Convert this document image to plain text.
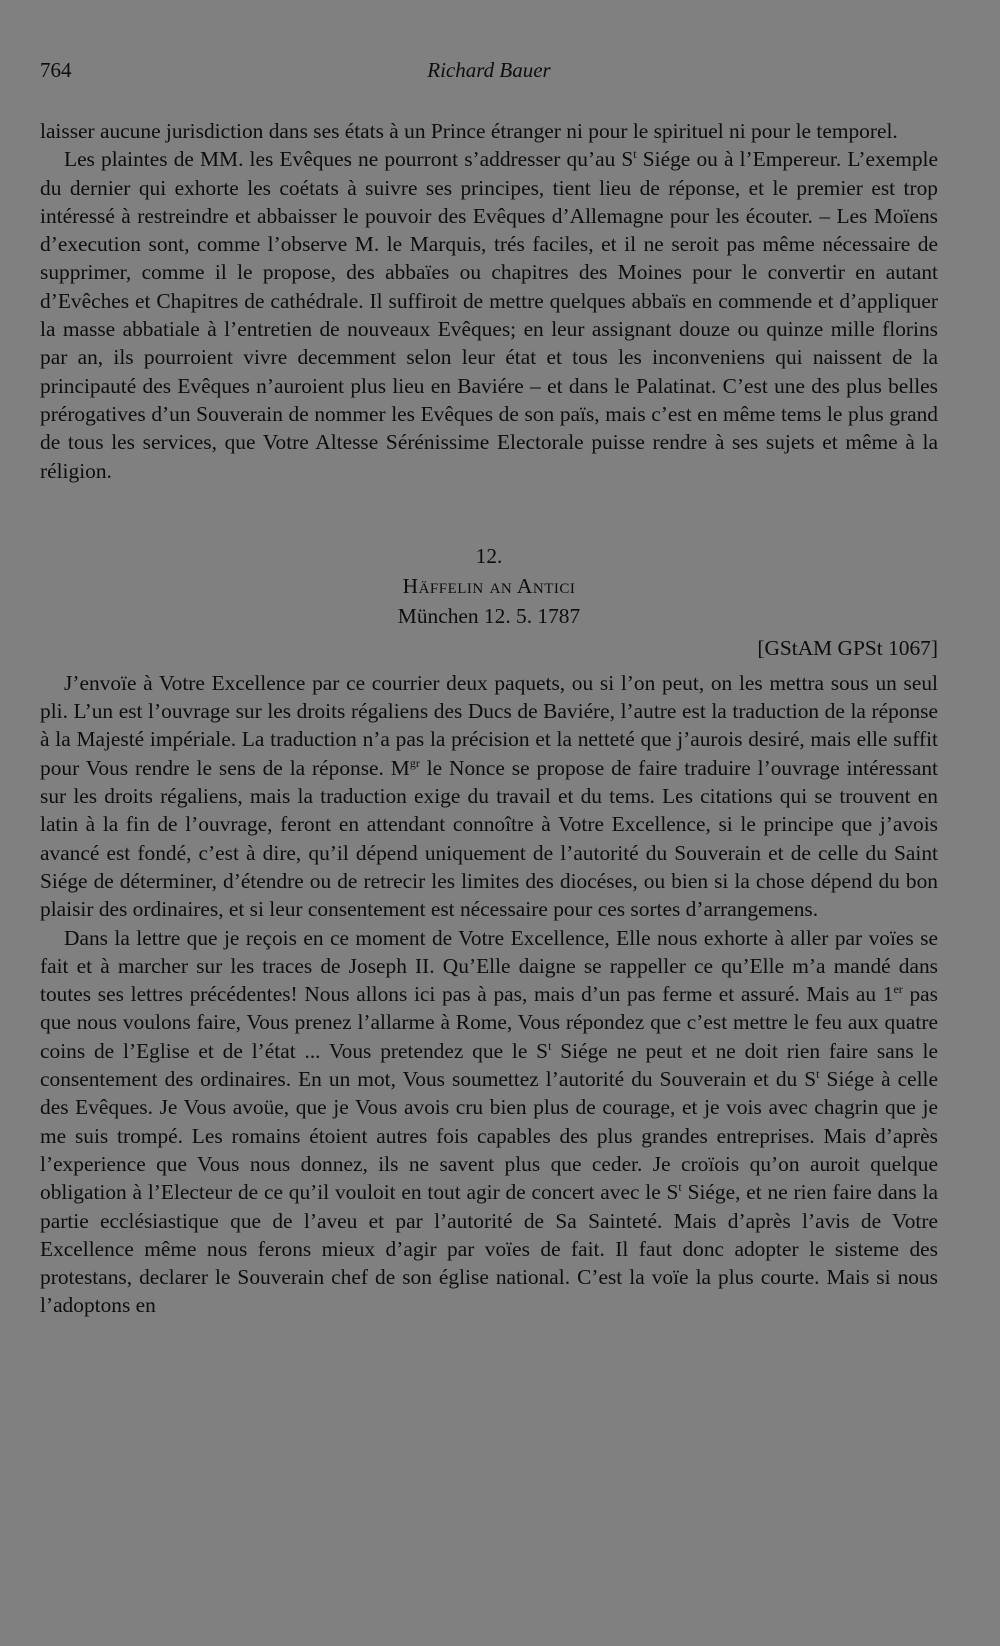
764	Richard Bauer

laisser aucune jurisdiction dans ses états à un Prince étranger ni pour le spirituel ni pour le temporel.

Les plaintes de MM. les Evêques ne pourront s’addresser qu’au $S^t$ Siége ou à l’Empereur. L’exemple du dernier qui exhorte les coétats à suivre ses principes, tient lieu de réponse, et le premier est trop intéressé à restreindre et abbaisser le pouvoir des Evêques d’Allemagne pour les écouter. – Les Moïens d’execution sont, comme l’observe M. le Marquis, trés faciles, et il ne seroit pas même nécessaire de supprimer, comme il le propose, des abbaïes ou chapitres des Moines pour le convertir en autant d’Evêches et Chapitres de cathédrale. Il suffiroit de mettre quelques abbaïs en commende et d’appliquer la masse abbatiale à l’entretien de nouveaux Evêques; en leur assignant douze ou quinze mille florins par an, ils pourroient vivre decemment selon leur état et tous les inconveniens qui naissent de la principauté des Evêques n’auroient plus lieu en Baviére – et dans le Palatinat. C’est une des plus belles prérogatives d’un Souverain de nommer les Evêques de son païs, mais c’est en même tems le plus grand de tous les services, que Votre Altesse Sérénissime Electorale puisse rendre à ses sujets et même à la réligion.

12.
Häffelin an Antici
München 12. 5. 1787
[GStAM GPSt 1067]

J’envoïe à Votre Excellence par ce courrier deux paquets, ou si l’on peut, on les mettra sous un seul pli. L’un est l’ouvrage sur les droits régaliens des Ducs de Baviére, l’autre est la traduction de la réponse à la Majesté impériale. La traduction n’a pas la précision et la netteté que j’aurois desiré, mais elle suffit pour Vous rendre le sens de la réponse. $M^{gr}$ le Nonce se propose de faire traduire l’ouvrage intéressant sur les droits régaliens, mais la traduction exige du travail et du tems. Les citations qui se trouvent en latin à la fin de l’ouvrage, feront en attendant connoître à Votre Excellence, si le principe que j’avois avancé est fondé, c’est à dire, qu’il dépend uniquement de l’autorité du Souverain et de celle du Saint Siége de déterminer, d’étendre ou de retrecir les limites des diocéses, ou bien si la chose dépend du bon plaisir des ordinaires, et si leur consentement est nécessaire pour ces sortes d’arrangemens.

Dans la lettre que je reçois en ce moment de Votre Excellence, Elle nous exhorte à aller par voïes se fait et à marcher sur les traces de Joseph II. Qu’Elle daigne se rappeller ce qu’Elle m’a mandé dans toutes ses lettres précédentes! Nous allons ici pas à pas, mais d’un pas ferme et assuré. Mais au 1er pas que nous voulons faire, Vous prenez l’allarme à Rome, Vous répondez que c’est mettre le feu aux quatre coins de l’Eglise et de l’état ... Vous pretendez que le $S^t$ Siége ne peut et ne doit rien faire sans le consentement des ordinaires. En un mot, Vous soumettez l’autorité du Souverain et du $S^t$ Siége à celle des Evêques. Je Vous avoüe, que je Vous avois cru bien plus de courage, et je vois avec chagrin que je me suis trompé. Les romains étoient autres fois capables des plus grandes entreprises. Mais d’après l’experience que Vous nous donnez, ils ne savent plus que ceder. Je croïois qu’on auroit quelque obligation à l’Electeur de ce qu’il vouloit en tout agir de concert avec le $S^t$ Siége, et ne rien faire dans la partie ecclésiastique que de l’aveu et par l’autorité de Sa Sainteté. Mais d’après l’avis de Votre Excellence même nous ferons mieux d’agir par voïes de fait. Il faut donc adopter le sisteme des protestans, declarer le Souverain chef de son église national. C’est la voïe la plus courte. Mais si nous l’adoptons en
